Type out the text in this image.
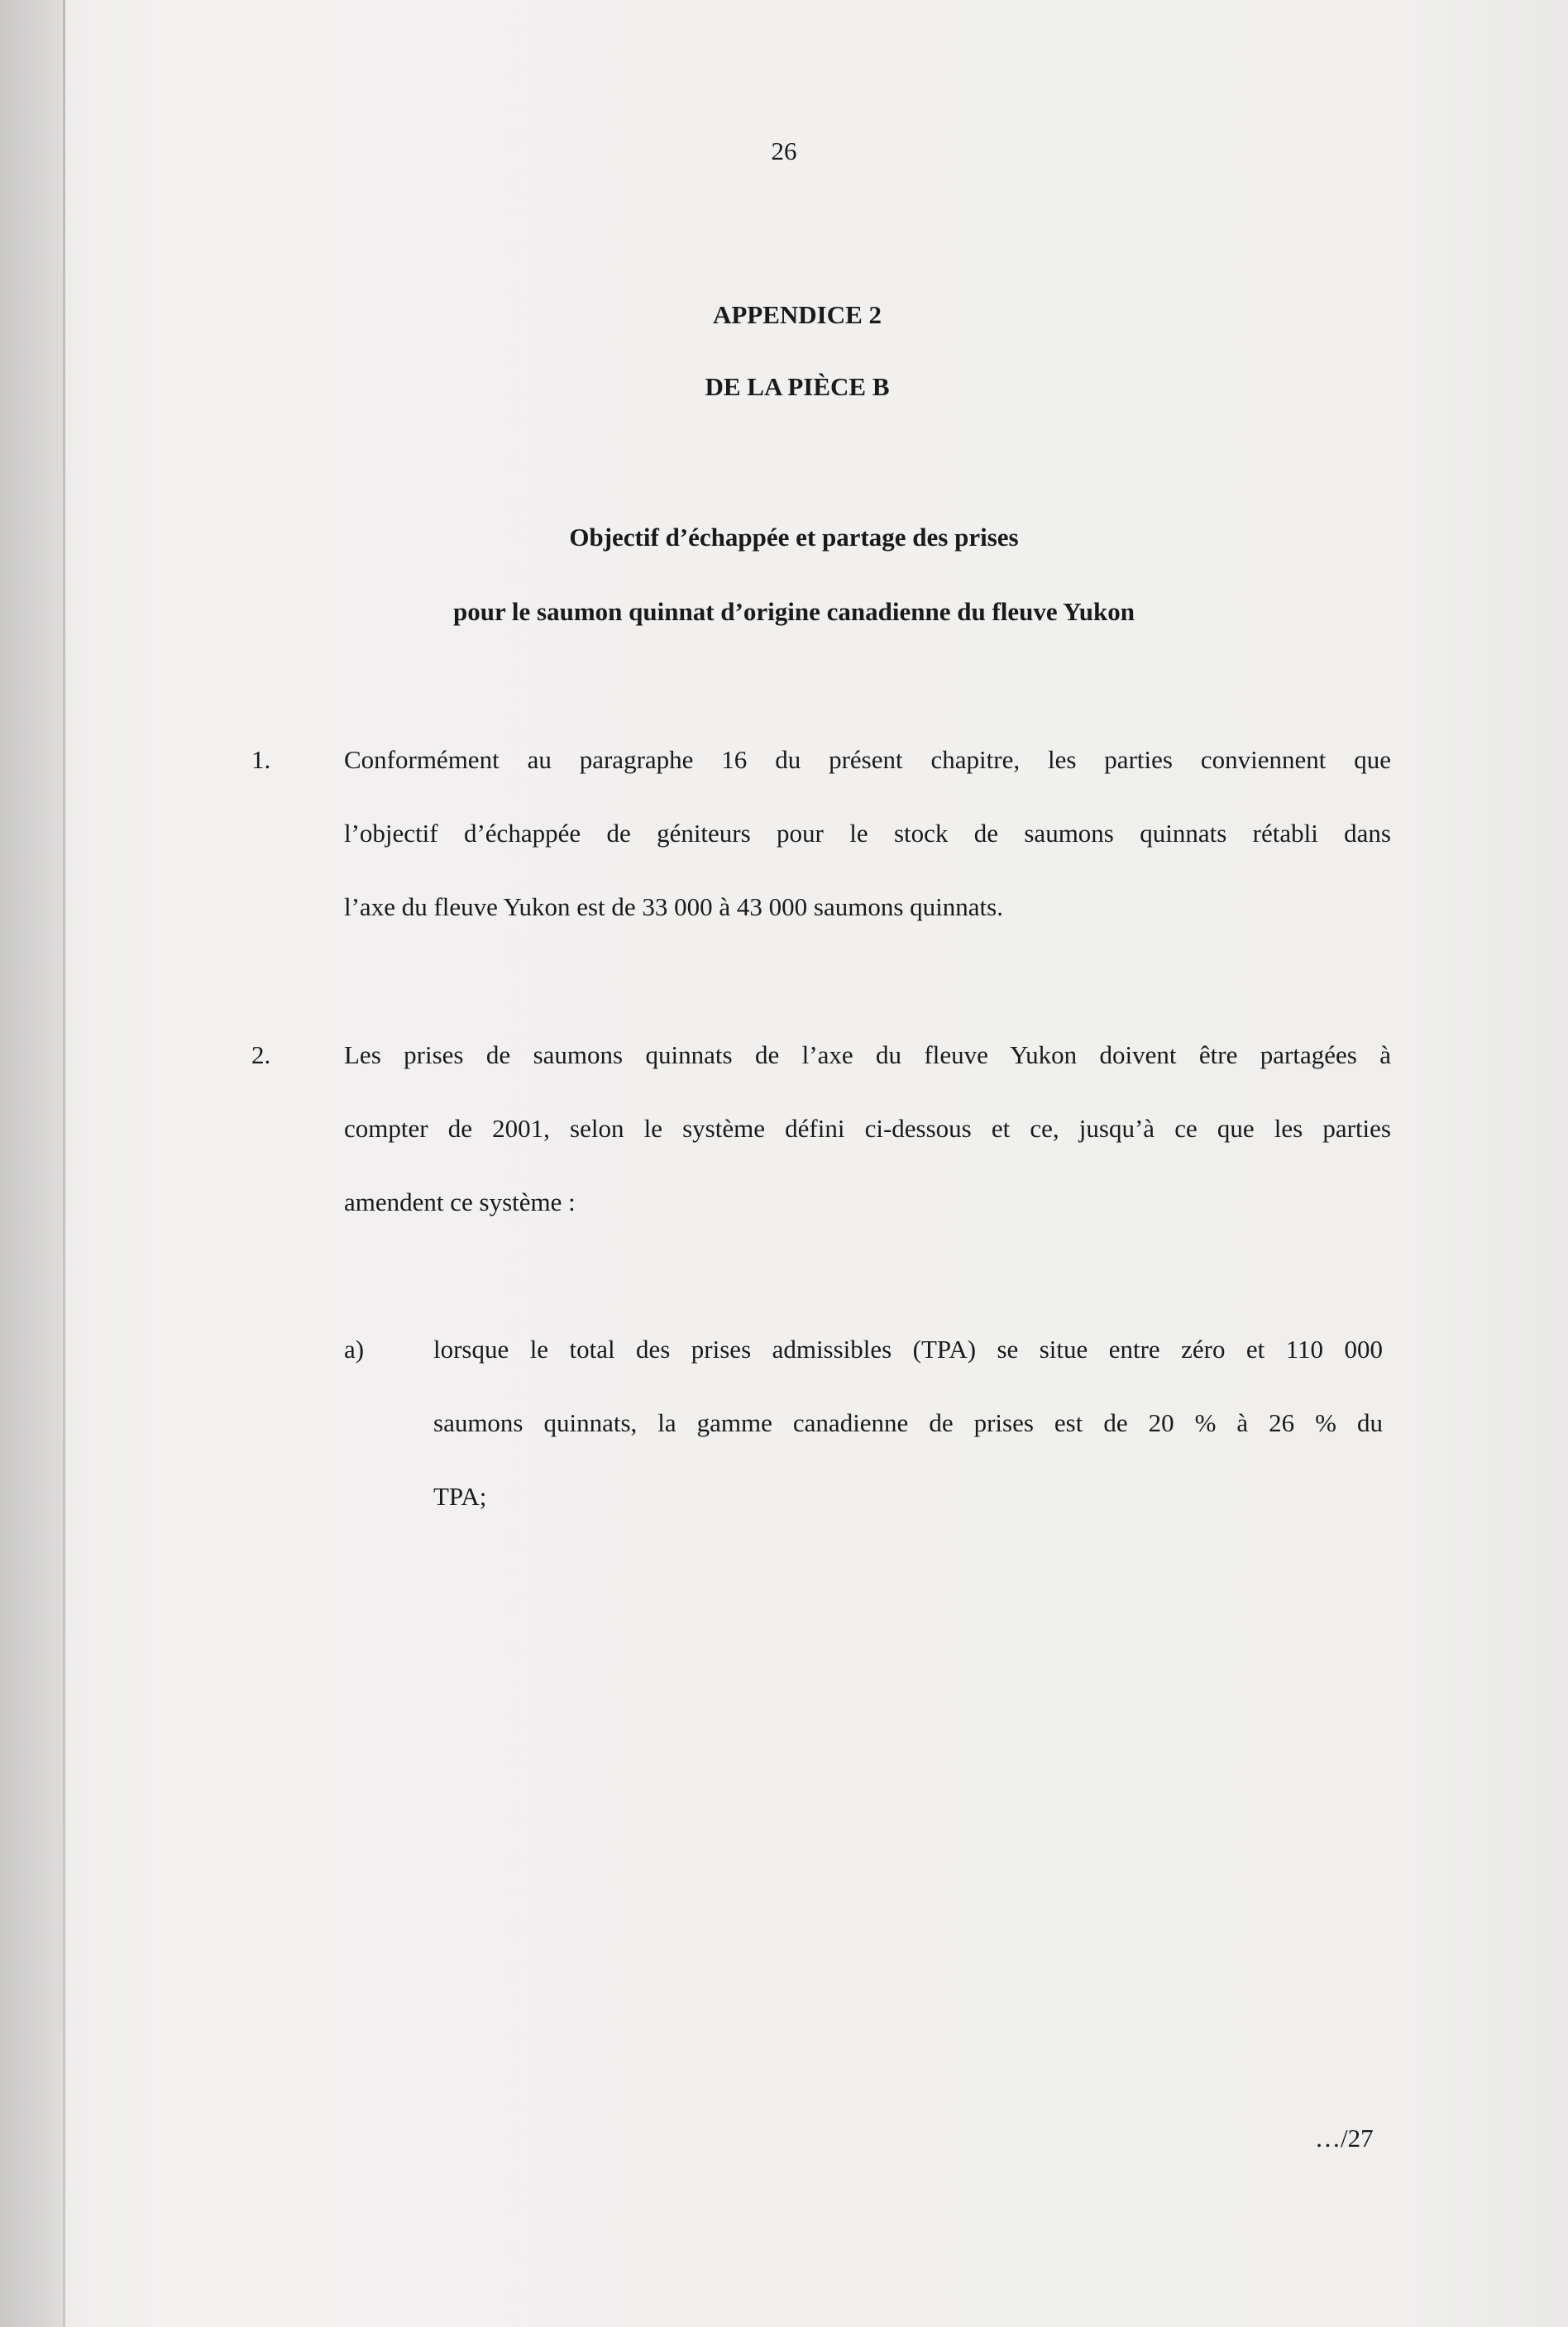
26
APPENDICE 2
DE LA PIÈCE B
Objectif d’échappée et partage des prises
pour le saumon quinnat d’origine canadienne du fleuve Yukon
1.	Conformément au paragraphe 16 du présent chapitre, les parties conviennent que
l’objectif d’échappée de géniteurs pour le stock de saumons quinnats rétabli dans
l’axe du fleuve Yukon est de 33 000 à 43 000 saumons quinnats.
2.	Les prises de saumons quinnats de l’axe du fleuve Yukon doivent être partagées à
compter de 2001, selon le système défini ci-dessous et ce, jusqu’à ce que les parties
amendent ce système :
a)	lorsque le total des prises admissibles (TPA) se situe entre zéro et 110 000
saumons quinnats, la gamme canadienne de prises est de 20 % à 26 % du
TPA;
…/27
